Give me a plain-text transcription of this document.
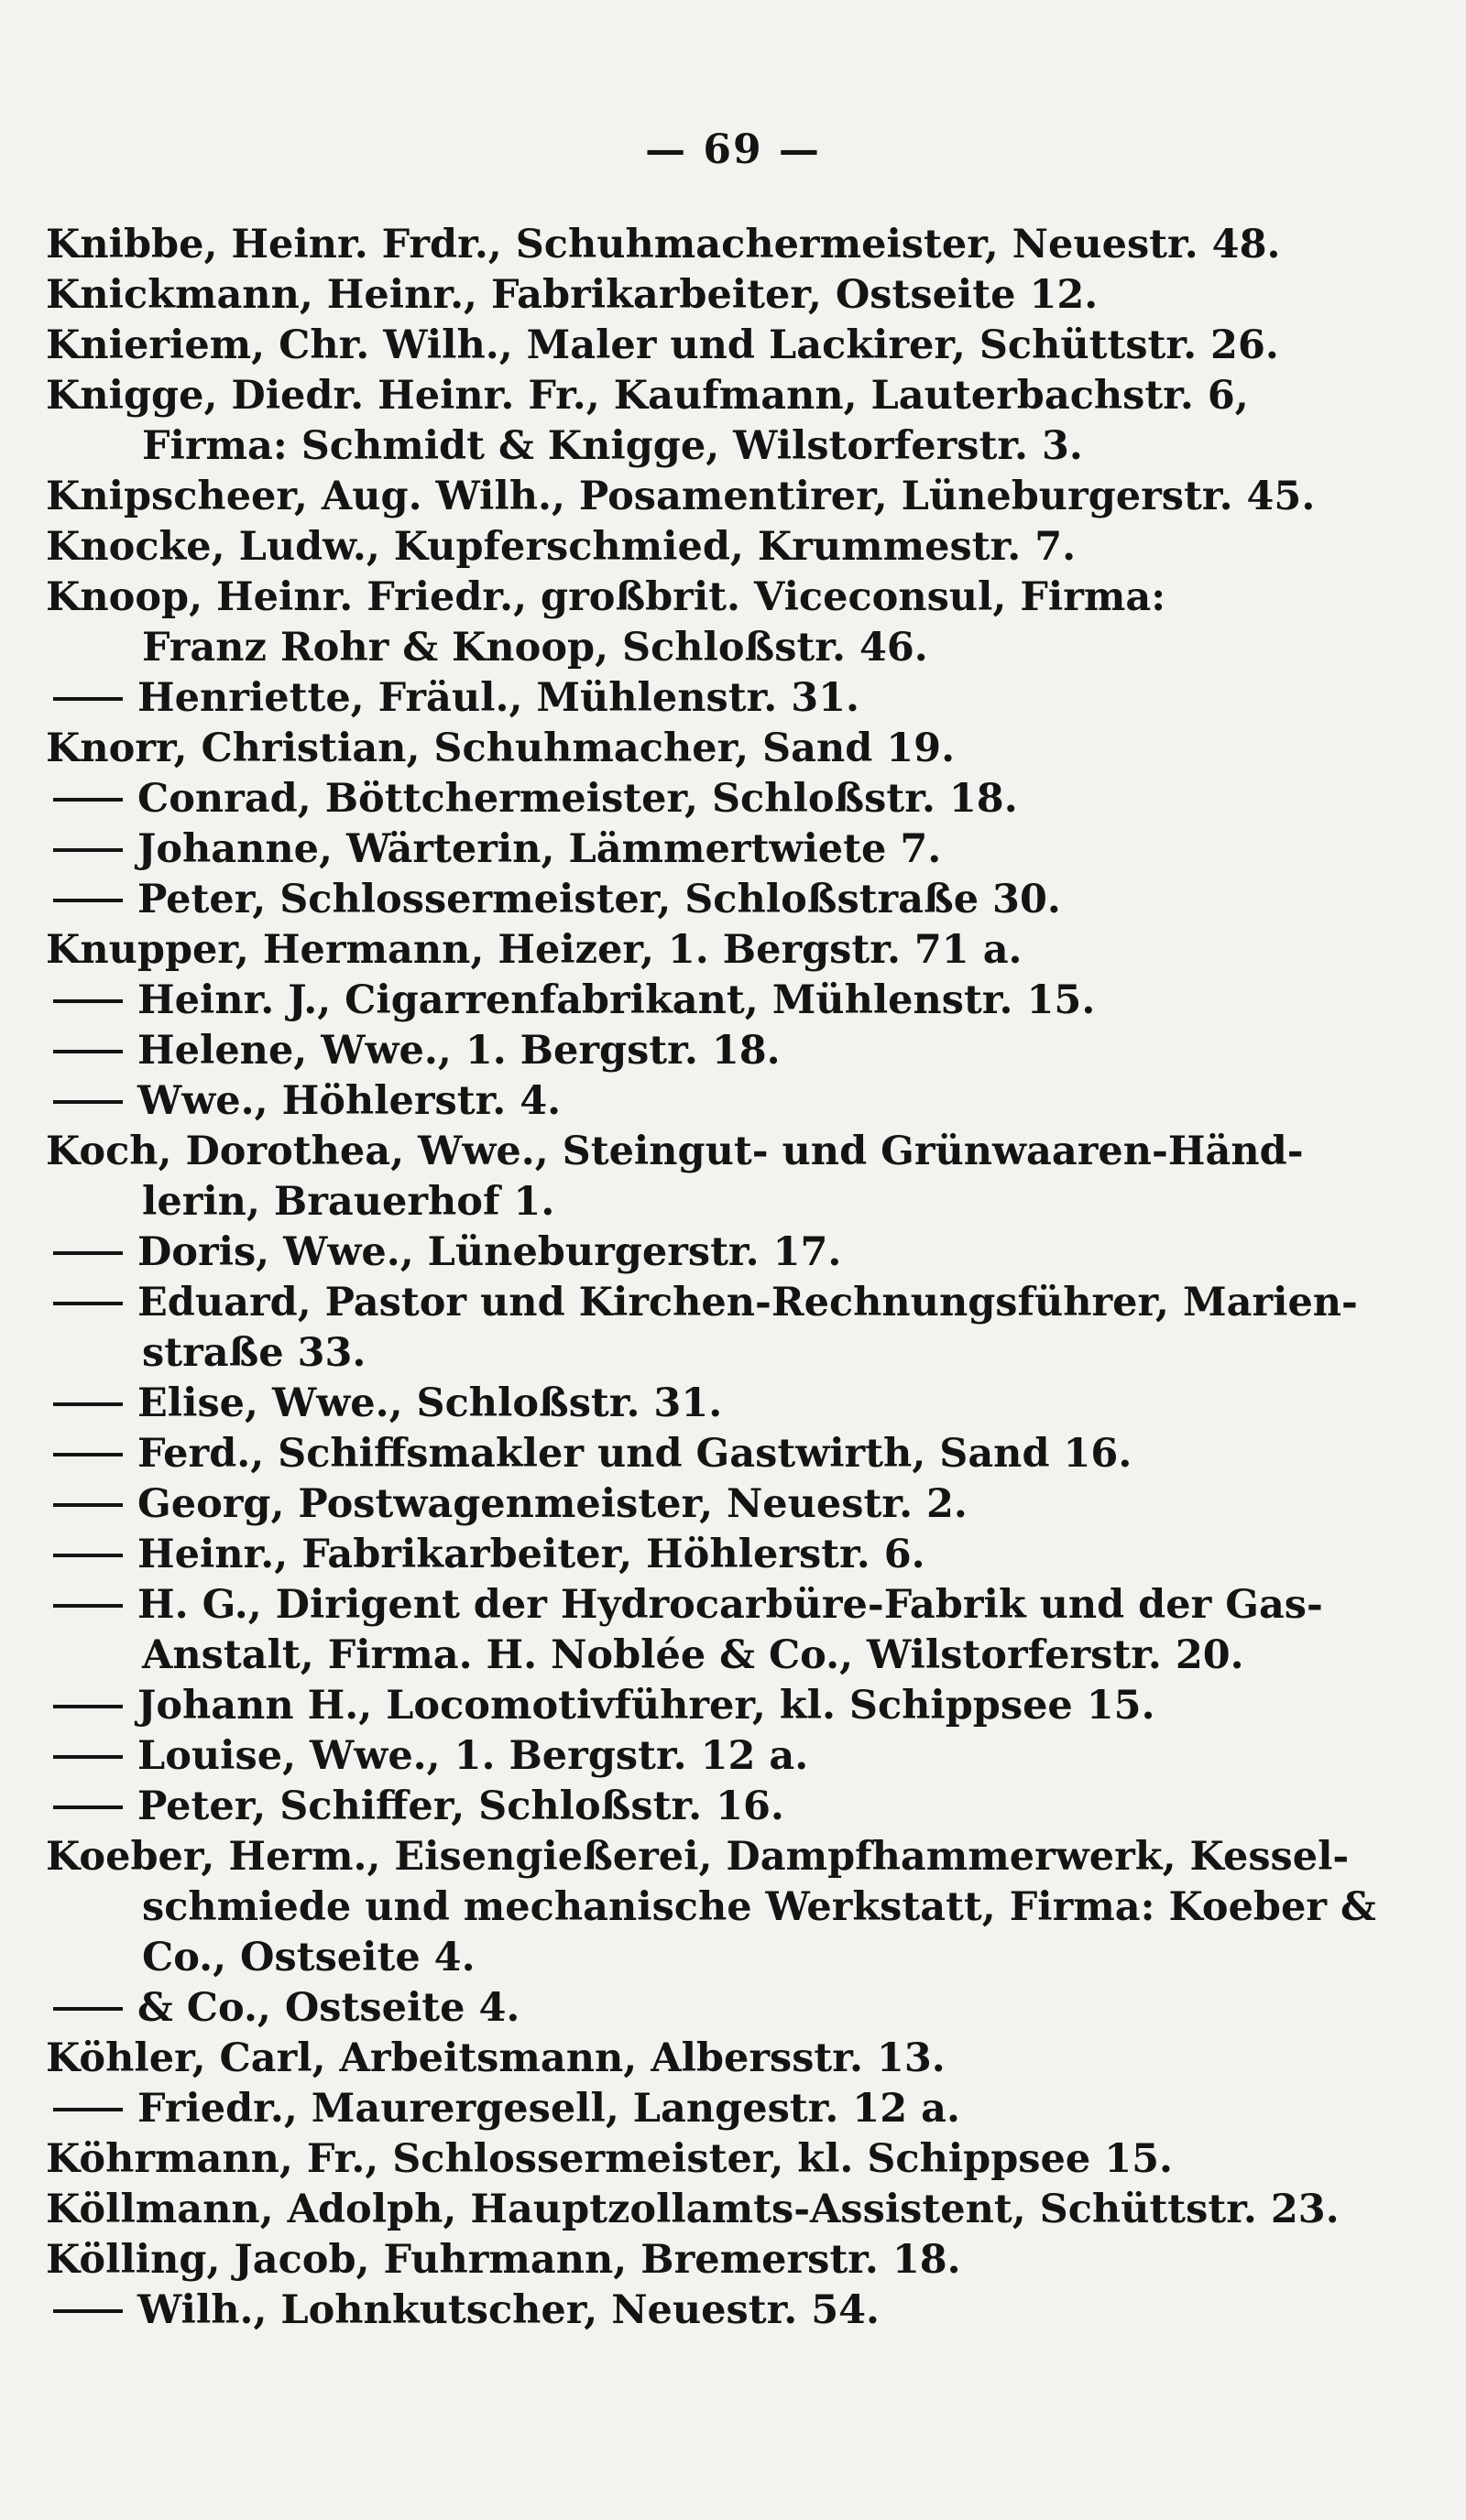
— 69 —
Knibbe, Heinr. Frdr., Schuhmachermeister, Neuestr. 48.
Knickmann, Heinr., Fabrikarbeiter, Ostseite 12.
Knieriem, Chr. Wilh., Maler und Lackirer, Schüttstr. 26.
Knigge, Diedr. Heinr. Fr., Kaufmann, Lauterbachstr. 6,
Firma: Schmidt & Knigge, Wilstorferstr. 3.
Knipscheer, Aug. Wilh., Posamentirer, Lüneburgerstr. 45.
Knocke, Ludw., Kupferschmied, Krummestr. 7.
Knoop, Heinr. Friedr., großbrit. Viceconsul, Firma:
Franz Rohr & Knoop, Schloßstr. 46.
Henriette, Fräul., Mühlenstr. 31.
Knorr, Christian, Schuhmacher, Sand 19.
Conrad, Böttchermeister, Schloßstr. 18.
Johanne, Wärterin, Lämmertwiete 7.
Peter, Schlossermeister, Schloßstraße 30.
Knupper, Hermann, Heizer, 1. Bergstr. 71 a.
Heinr. J., Cigarrenfabrikant, Mühlenstr. 15.
Helene, Wwe., 1. Bergstr. 18.
Wwe., Höhlerstr. 4.
Koch, Dorothea, Wwe., Steingut- und Grünwaaren-Händ-
lerin, Brauerhof 1.
Doris, Wwe., Lüneburgerstr. 17.
Eduard, Pastor und Kirchen-Rechnungsführer, Marien-
straße 33.
Elise, Wwe., Schloßstr. 31.
Ferd., Schiffsmakler und Gastwirth, Sand 16.
Georg, Postwagenmeister, Neuestr. 2.
Heinr., Fabrikarbeiter, Höhlerstr. 6.
H. G., Dirigent der Hydrocarbüre-Fabrik und der Gas-
Anstalt, Firma. H. Noblée & Co., Wilstorferstr. 20.
Johann H., Locomotivführer, kl. Schippsee 15.
Louise, Wwe., 1. Bergstr. 12 a.
Peter, Schiffer, Schloßstr. 16.
Koeber, Herm., Eisengießerei, Dampfhammerwerk, Kessel-
schmiede und mechanische Werkstatt, Firma: Koeber &
Co., Ostseite 4.
& Co., Ostseite 4.
Köhler, Carl, Arbeitsmann, Albersstr. 13.
Friedr., Maurergesell, Langestr. 12 a.
Köhrmann, Fr., Schlossermeister, kl. Schippsee 15.
Köllmann, Adolph, Hauptzollamts-Assistent, Schüttstr. 23.
Kölling, Jacob, Fuhrmann, Bremerstr. 18.
Wilh., Lohnkutscher, Neuestr. 54.
